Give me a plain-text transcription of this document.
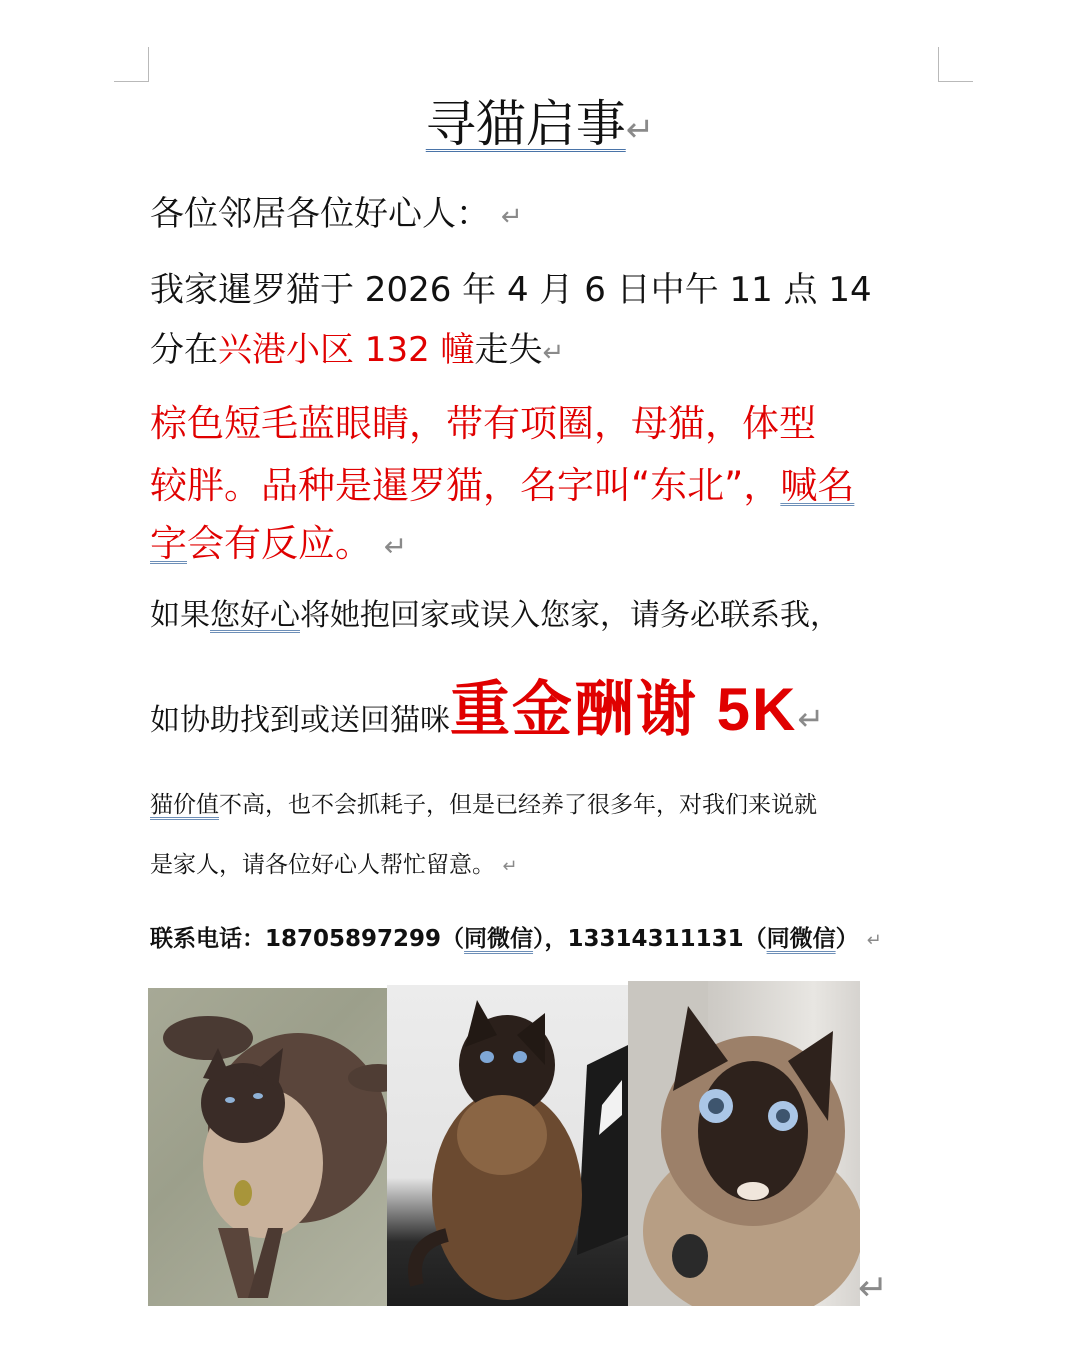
寻猫启事↵
各位邻居各位好心人： ↵
我家暹罗猫于 2026 年 4 月 6 日中午 11 点 14
分在兴港小区 132 幢走失↵
棕色短毛蓝眼睛，带有项圈，母猫，体型
较胖。品种是暹罗猫，名字叫“东北”，喊名
字会有反应。 ↵
如果您好心将她抱回家或误入您家，请务必联系我，
如协助找到或送回猫咪重金酬谢 5K↵
猫价值不高，也不会抓耗子，但是已经养了很多年，对我们来说就
是家人，请各位好心人帮忙留意。 ↵
联系电话：18705897299（同微信），13314311131（同微信） ↵
↵
